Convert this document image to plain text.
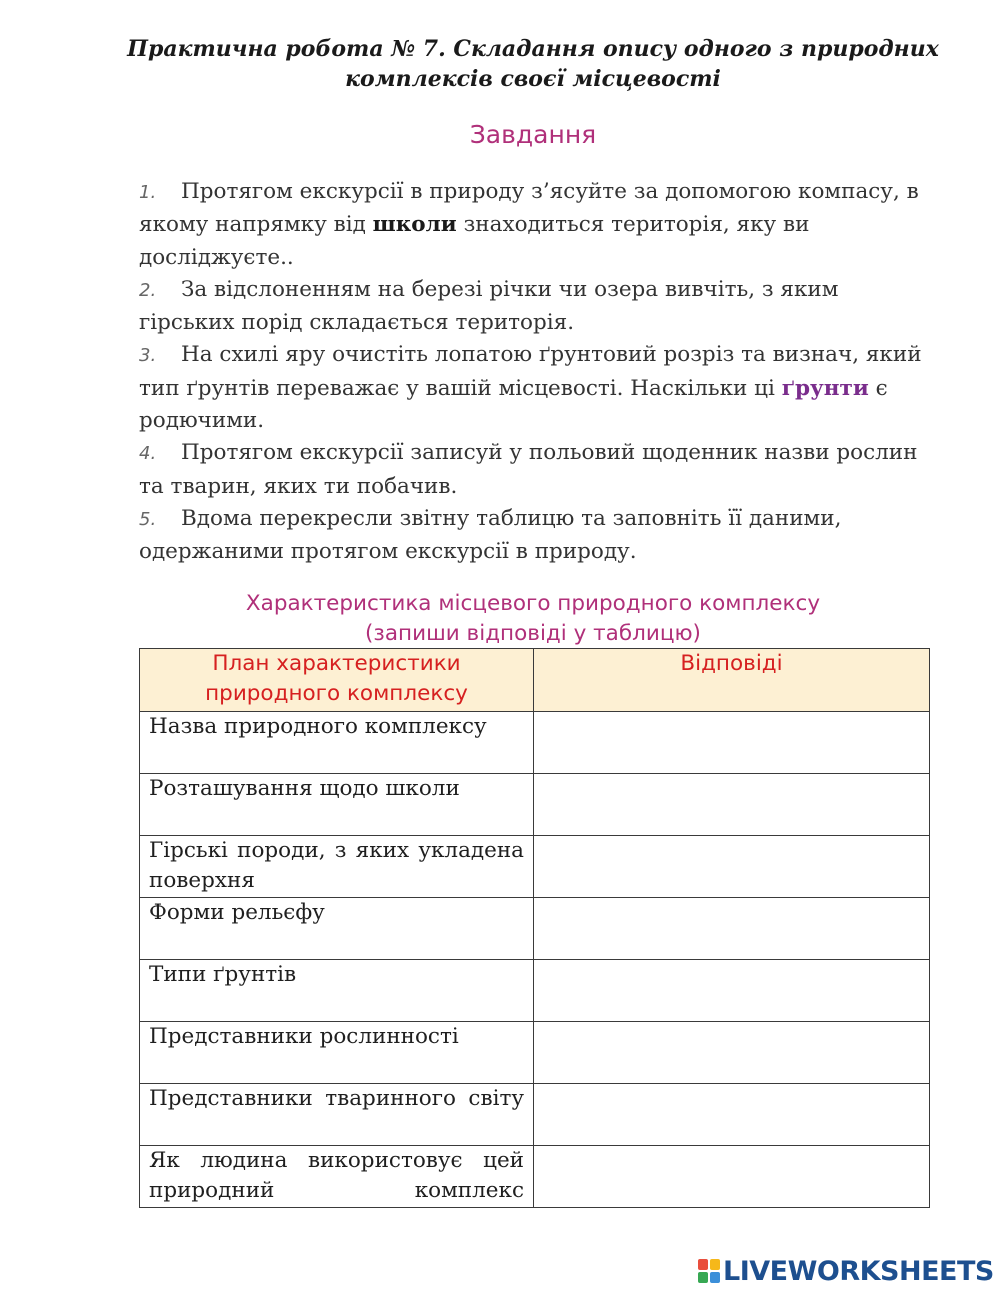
Практична робота № 7. Складання опису одного з природних комплексів своєї місцевості
Завдання

1. Протягом екскурсії в природу з’ясуйте за допомогою компасу, в якому напрямку від школи знаходиться територія, яку ви досліджуєте..

2. За відслоненням на березі річки чи озера вивчіть, з яким гірських порід складається територія.

3. На схилі яру очистіть лопатою ґрунтовий розріз та визнач, який тип ґрунтів переважає у вашій місцевості. Наскільки ці ґрунти є родючими.

4. Протягом екскурсії записуй у польовий щоденник назви рослин та тварин, яких ти побачив.

5. Вдома перекресли звітну таблицю та заповніть її даними, одержаними протягом екскурсії в природу.

Характеристика місцевого природного комплексу
(запиши відповіді у таблицю)
План характеристики
природного комплексу	Відповіді

Назва природного комплексу	

Розташування щодо школи	

Гірські породи, з яких укладена поверхня	

Форми рельєфу	

Типи ґрунтів	

Представники рослинності	

Представники тваринного світу	

Як людина використовує цей природний комплекс	

LIVEWORKSHEETS
